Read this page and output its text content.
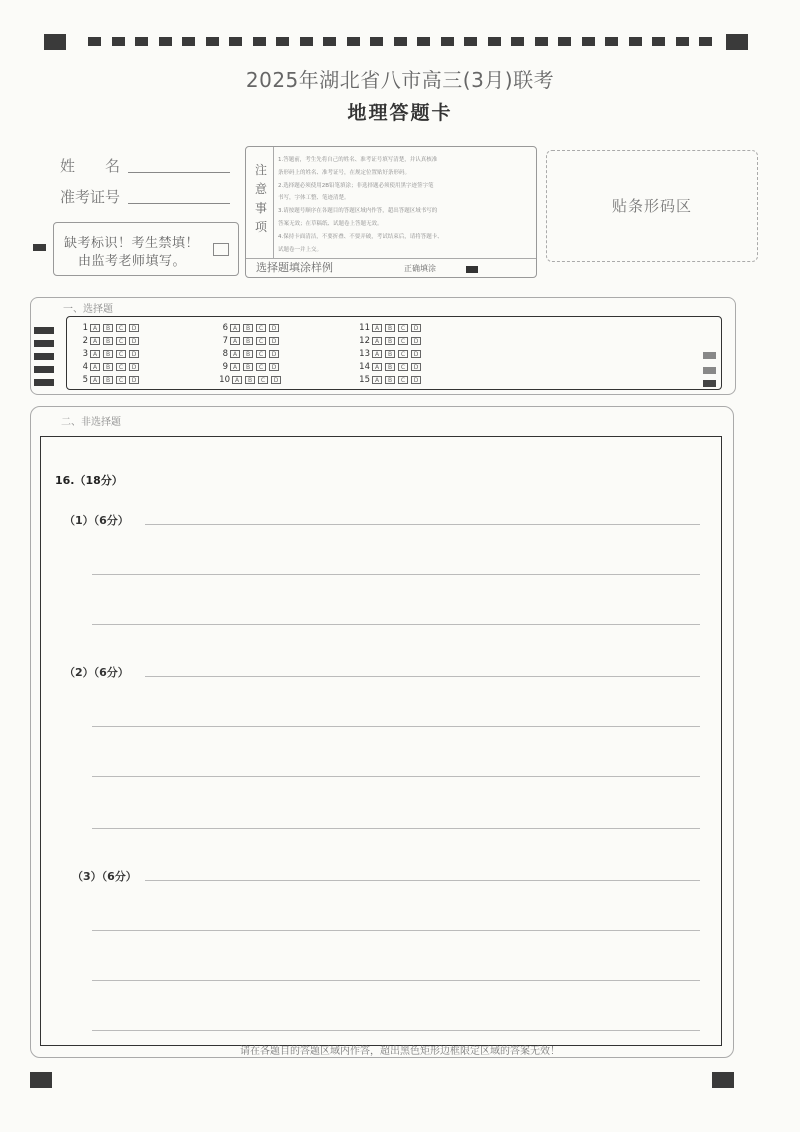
2025年湖北省八市高三(3月)联考
地理答题卡
姓　　名
准考证号
缺考标识！考生禁填！
由监考老师填写。
注
意
事
项
1.答题前，考生先将自己的姓名、准考证号填写清楚，并认真核准
条形码上的姓名、准考证号，在规定位置贴好条形码。
2.选择题必须使用2B铅笔填涂；非选择题必须使用黑字迹签字笔
书写，字体工整、笔迹清楚。
3.请按题号顺序在各题目的答题区域内作答，超出答题区域书写的
答案无效；在草稿纸、试题卷上答题无效。
4.保持卡面清洁，不要折叠、不要弄破，考试结束后，请将答题卡、
试题卷一并上交。
选择题填涂样例	正确填涂
贴条形码区
一、选择题
1 A	B	C	D
2 A	B	C	D
3 A	B	C	D
4 A	B	C	D
5 A	B	C	D
6 A	B	C	D
7 A	B	C	D
8 A	B	C	D
9 A	B	C	D
10 A	B	C	D
11 A	B	C	D
12 A	B	C	D
13 A	B	C	D
14 A	B	C	D
15 A	B	C	D
二、非选择题
16.（18分）
（1）（6分）
（2）（6分）
（3）（6分）
请在各题目的答题区域内作答，超出黑色矩形边框限定区域的答案无效！
